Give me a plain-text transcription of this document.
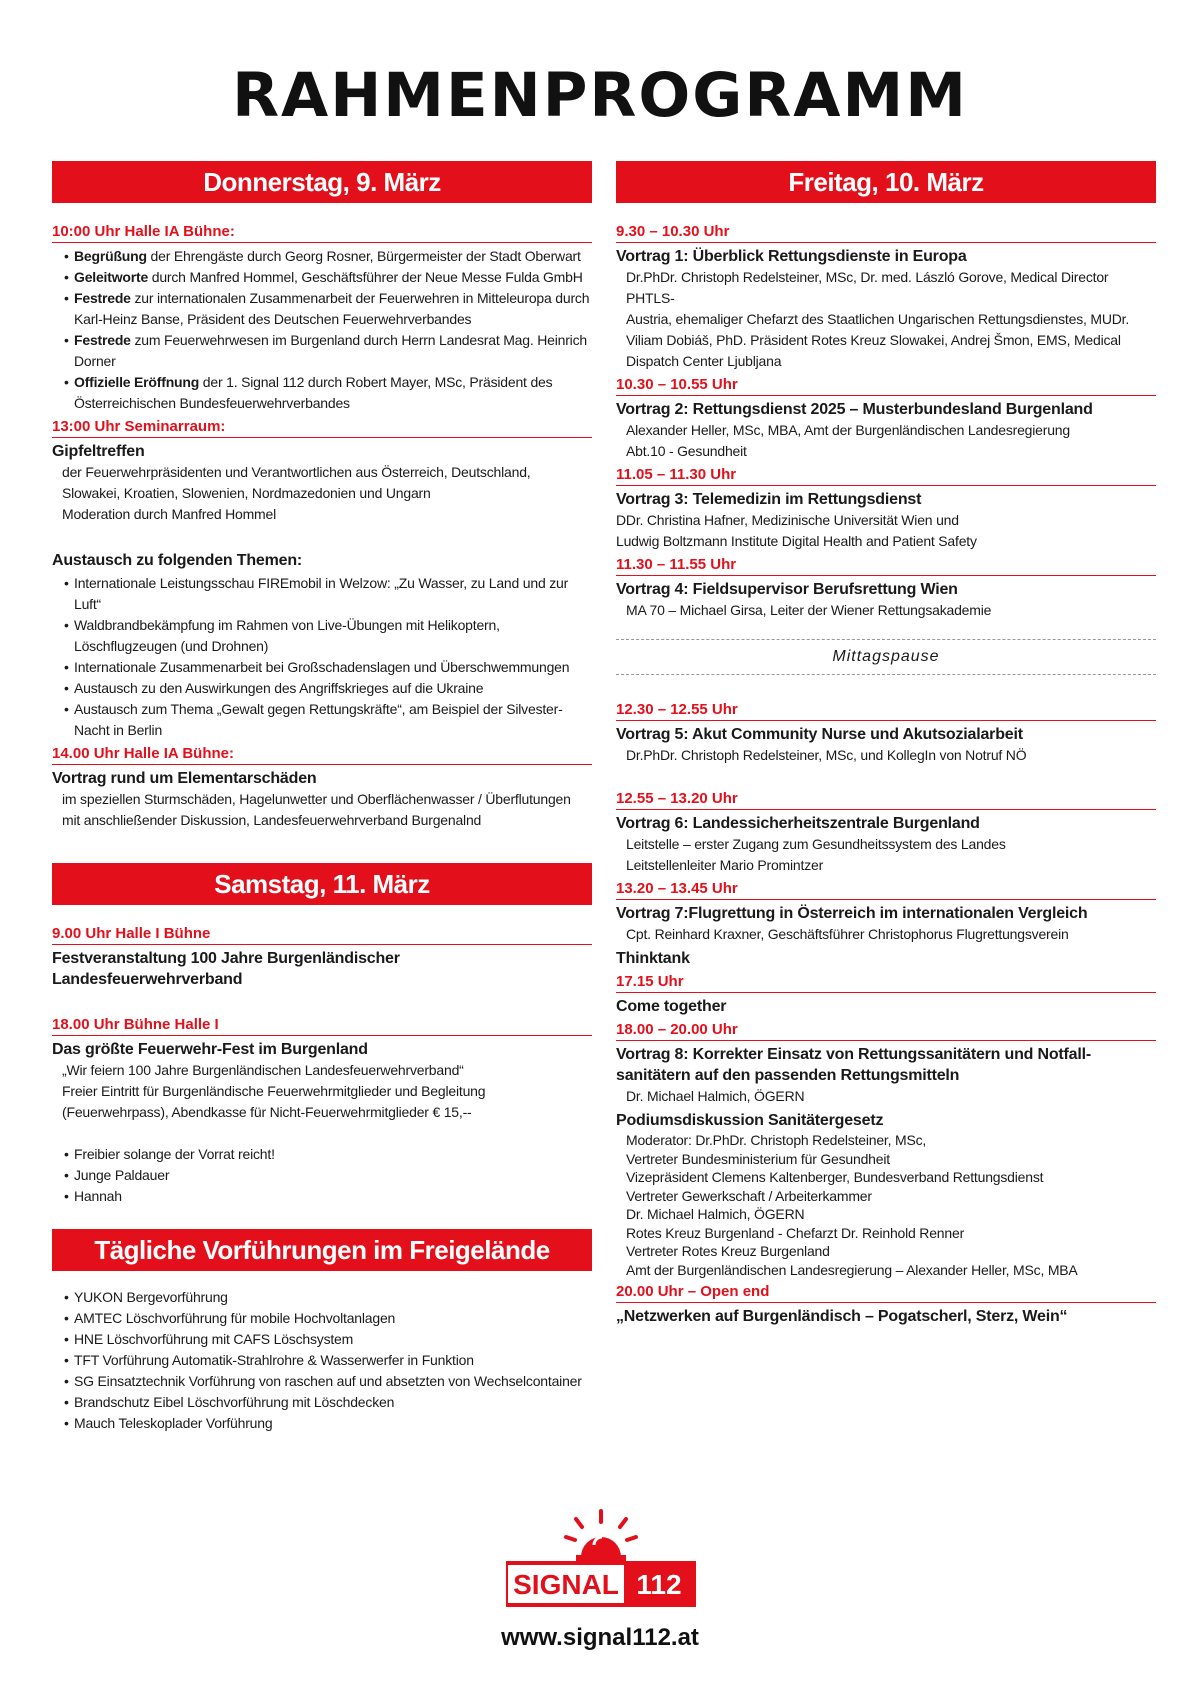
RAHMENPROGRAMM
Donnerstag, 9. März
10:00 Uhr Halle IA Bühne:
• Begrüßung der Ehrengäste durch Georg Rosner, Bürgermeister der Stadt Oberwart
• Geleitworte durch Manfred Hommel, Geschäftsführer der Neue Messe Fulda GmbH
• Festrede zur internationalen Zusammenarbeit der Feuerwehren in Mitteleuropa durch Karl-Heinz Banse, Präsident des Deutschen Feuerwehrverbandes
• Festrede zum Feuerwehrwesen im Burgenland durch Herrn Landesrat Mag. Heinrich Dorner
• Offizielle Eröffnung der 1. Signal 112 durch Robert Mayer, MSc, Präsident des Österreichischen Bundesfeuerwehrverbandes
13:00 Uhr Seminarraum:
Gipfeltreffen
der Feuerwehrpräsidenten und Verantwortlichen aus Österreich, Deutschland,
Slowakei, Kroatien, Slowenien, Nordmazedonien und Ungarn
Moderation durch Manfred Hommel
Austausch zu folgenden Themen:
• Internationale Leistungsschau FIREmobil in Welzow: „Zu Wasser, zu Land und zur Luft“
• Waldbrandbekämpfung im Rahmen von Live-Übungen mit Helikoptern, Löschflugzeugen (und Drohnen)
• Internationale Zusammenarbeit bei Großschadenslagen und Überschwemmungen
• Austausch zu den Auswirkungen des Angriffskrieges auf die Ukraine
• Austausch zum Thema „Gewalt gegen Rettungskräfte“, am Beispiel der Silvester-Nacht in Berlin
14.00 Uhr Halle IA Bühne:
Vortrag rund um Elementarschäden
im speziellen Sturmschäden, Hagelunwetter und Oberflächenwasser / Überflutungen
mit anschließender Diskussion, Landesfeuerwehrverband Burgenalnd
Samstag, 11. März
9.00 Uhr Halle I Bühne
Festveranstaltung 100 Jahre Burgenländischer Landesfeuerwehrverband
18.00 Uhr Bühne Halle I
Das größte Feuerwehr-Fest im Burgenland
„Wir feiern 100 Jahre Burgenländischen Landesfeuerwehrverband“
Freier Eintritt für Burgenländische Feuerwehrmitglieder und Begleitung
(Feuerwehrpass), Abendkasse für Nicht-Feuerwehrmitglieder € 15,--
• Freibier solange der Vorrat reicht!
• Junge Paldauer
• Hannah
Tägliche Vorführungen im Freigelände
• YUKON Bergevorführung
• AMTEC Löschvorführung für mobile Hochvoltanlagen
• HNE Löschvorführung mit CAFS Löschsystem
• TFT Vorführung Automatik-Strahlrohre & Wasserwerfer in Funktion
• SG Einsatztechnik Vorführung von raschen auf und absetzten von Wechselcontainer
• Brandschutz Eibel Löschvorführung mit Löschdecken
• Mauch Teleskoplader Vorführung
Freitag, 10. März
9.30 – 10.30 Uhr
Vortrag 1: Überblick Rettungsdienste in Europa
Dr.PhDr. Christoph Redelsteiner, MSc, Dr. med. László Gorove, Medical Director PHTLS-
Austria, ehemaliger Chefarzt des Staatlichen Ungarischen Rettungsdienstes, MUDr.
Viliam Dobiáš, PhD. Präsident Rotes Kreuz Slowakei, Andrej Šmon, EMS, Medical
Dispatch Center Ljubljana
10.30 – 10.55 Uhr
Vortrag 2: Rettungsdienst 2025 – Musterbundesland Burgenland
Alexander Heller, MSc, MBA, Amt der Burgenländischen Landesregierung
Abt.10 - Gesundheit
11.05 – 11.30 Uhr
Vortrag 3: Telemedizin im Rettungsdienst
DDr. Christina Hafner, Medizinische Universität Wien und
Ludwig Boltzmann Institute Digital Health and Patient Safety
11.30 – 11.55 Uhr
Vortrag 4: Fieldsupervisor Berufsrettung Wien
MA 70 – Michael Girsa, Leiter der Wiener Rettungsakademie
Mittagspause
12.30 – 12.55 Uhr
Vortrag 5: Akut Community Nurse und Akutsozialarbeit
Dr.PhDr. Christoph Redelsteiner, MSc, und KollegIn von Notruf NÖ
12.55 – 13.20 Uhr
Vortrag 6: Landessicherheitszentrale Burgenland
Leitstelle – erster Zugang zum Gesundheitssystem des Landes
Leitstellenleiter Mario Promintzer
13.20 – 13.45 Uhr
Vortrag 7:Flugrettung in Österreich im internationalen Vergleich
Cpt. Reinhard Kraxner, Geschäftsführer Christophorus Flugrettungsverein
Thinktank
17.15 Uhr
Come together
18.00 – 20.00 Uhr
Vortrag 8: Korrekter Einsatz von Rettungssanitätern und Notfall-
sanitätern auf den passenden Rettungsmitteln
Dr. Michael Halmich, ÖGERN
Podiumsdiskussion Sanitätergesetz
Moderator: Dr.PhDr. Christoph Redelsteiner, MSc,
Vertreter Bundesministerium für Gesundheit
Vizepräsident Clemens Kaltenberger, Bundesverband Rettungsdienst
Vertreter Gewerkschaft / Arbeiterkammer
Dr. Michael Halmich, ÖGERN
Rotes Kreuz Burgenland - Chefarzt Dr. Reinhold Renner
Vertreter Rotes Kreuz Burgenland
Amt der Burgenländischen Landesregierung – Alexander Heller, MSc, MBA
20.00 Uhr – Open end
„Netzwerken auf Burgenländisch – Pogatscherl, Sterz, Wein“
SIGNAL 112
www.signal112.at
